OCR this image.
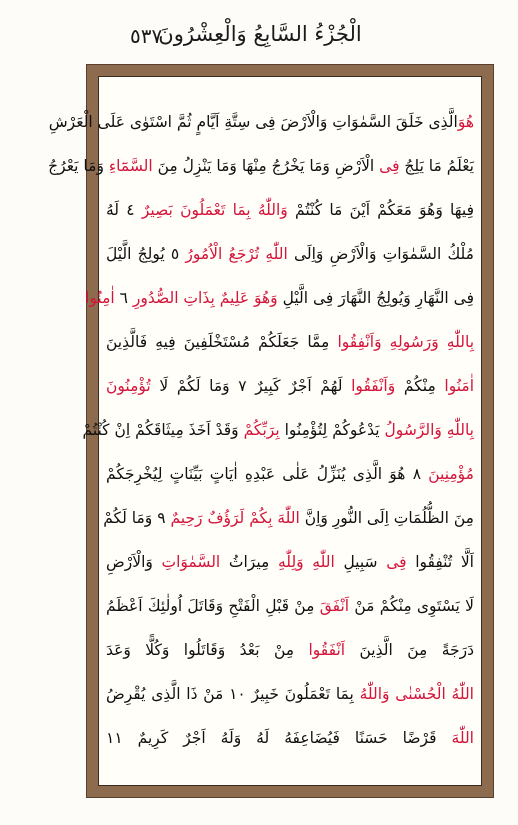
الْجُزْءُ السَّابِعُ وَالْعِشْرُونَ
٥٣٧
هُوَالَّذِى خَلَقَ السَّمٰوَاتِ وَالْاَرْضَ فِى سِتَّةِ اَيَّامٍ ثُمَّ اسْتَوٰى عَلَى الْعَرْشِ
يَعْلَمُ مَا يَلِجُ فِى الْاَرْضِ وَمَا يَخْرُجُ مِنْهَا وَمَا يَنْزِلُ مِنَ السَّمَٓاءِ وَمَا يَعْرُجُ
فِيهَا وَهُوَ مَعَكُمْ اَيْنَ مَا كُنْتُمْ وَاللّٰهُ بِمَا تَعْمَلُونَ بَصِيرٌ ٤ لَهُ
مُلْكُ السَّمٰوَاتِ وَالْاَرْضِ وَاِلَى اللّٰهِ تُرْجَعُ الْاُمُورُ ٥ يُولِجُ الَّيْلَ
فِى النَّهَارِ وَيُولِجُ النَّهَارَ فِى الَّيْلِ وَهُوَ عَلِيمٌ بِذَاتِ الصُّدُورِ ٦ اٰمِنُوا
بِاللّٰهِ وَرَسُولِهِ وَاَنْفِقُوا مِمَّا جَعَلَكُمْ مُسْتَخْلَفِينَ فِيهِ فَالَّذِينَ
اٰمَنُوا مِنْكُمْ وَاَنْفَقُوا لَهُمْ اَجْرٌ كَبِيرٌ ٧ وَمَا لَكُمْ لَا تُؤْمِنُونَ
بِاللّٰهِ وَالرَّسُولُ يَدْعُوكُمْ لِتُؤْمِنُوا بِرَبِّكُمْ وَقَدْ اَخَذَ مِيثَاقَكُمْ اِنْ كُنْتُمْ
مُؤْمِنِينَ ٨ هُوَ الَّذِى يُنَزِّلُ عَلٰى عَبْدِهِ اٰيَاتٍ بَيِّنَاتٍ لِيُخْرِجَكُمْ
مِنَ الظُّلُمَاتِ اِلَى النُّورِ وَاِنَّ اللّٰهَ بِكُمْ لَرَؤُفٌ رَحِيمٌ ٩ وَمَا لَكُمْ
اَلَّا تُنْفِقُوا فِى سَبِيلِ اللّٰهِ وَلِلّٰهِ مِيرَاثُ السَّمٰوَاتِ وَالْاَرْضِ
لَا يَسْتَوِى مِنْكُمْ مَنْ اَنْفَقَ مِنْ قَبْلِ الْفَتْحِ وَقَاتَلَ اُولٰئِكَ اَعْظَمُ
دَرَجَةً مِنَ الَّذِينَ اَنْفَقُوا مِنْ بَعْدُ وَقَاتَلُوا وَكُلًّا وَعَدَ
اللّٰهُ الْحُسْنٰى وَاللّٰهُ بِمَا تَعْمَلُونَ خَبِيرٌ ١٠ مَنْ ذَا الَّذِى يُقْرِضُ
اللّٰهَ قَرْضًا حَسَنًا فَيُضَاعِفَهُ لَهُ وَلَهُ اَجْرٌ كَرِيمٌ ١١
